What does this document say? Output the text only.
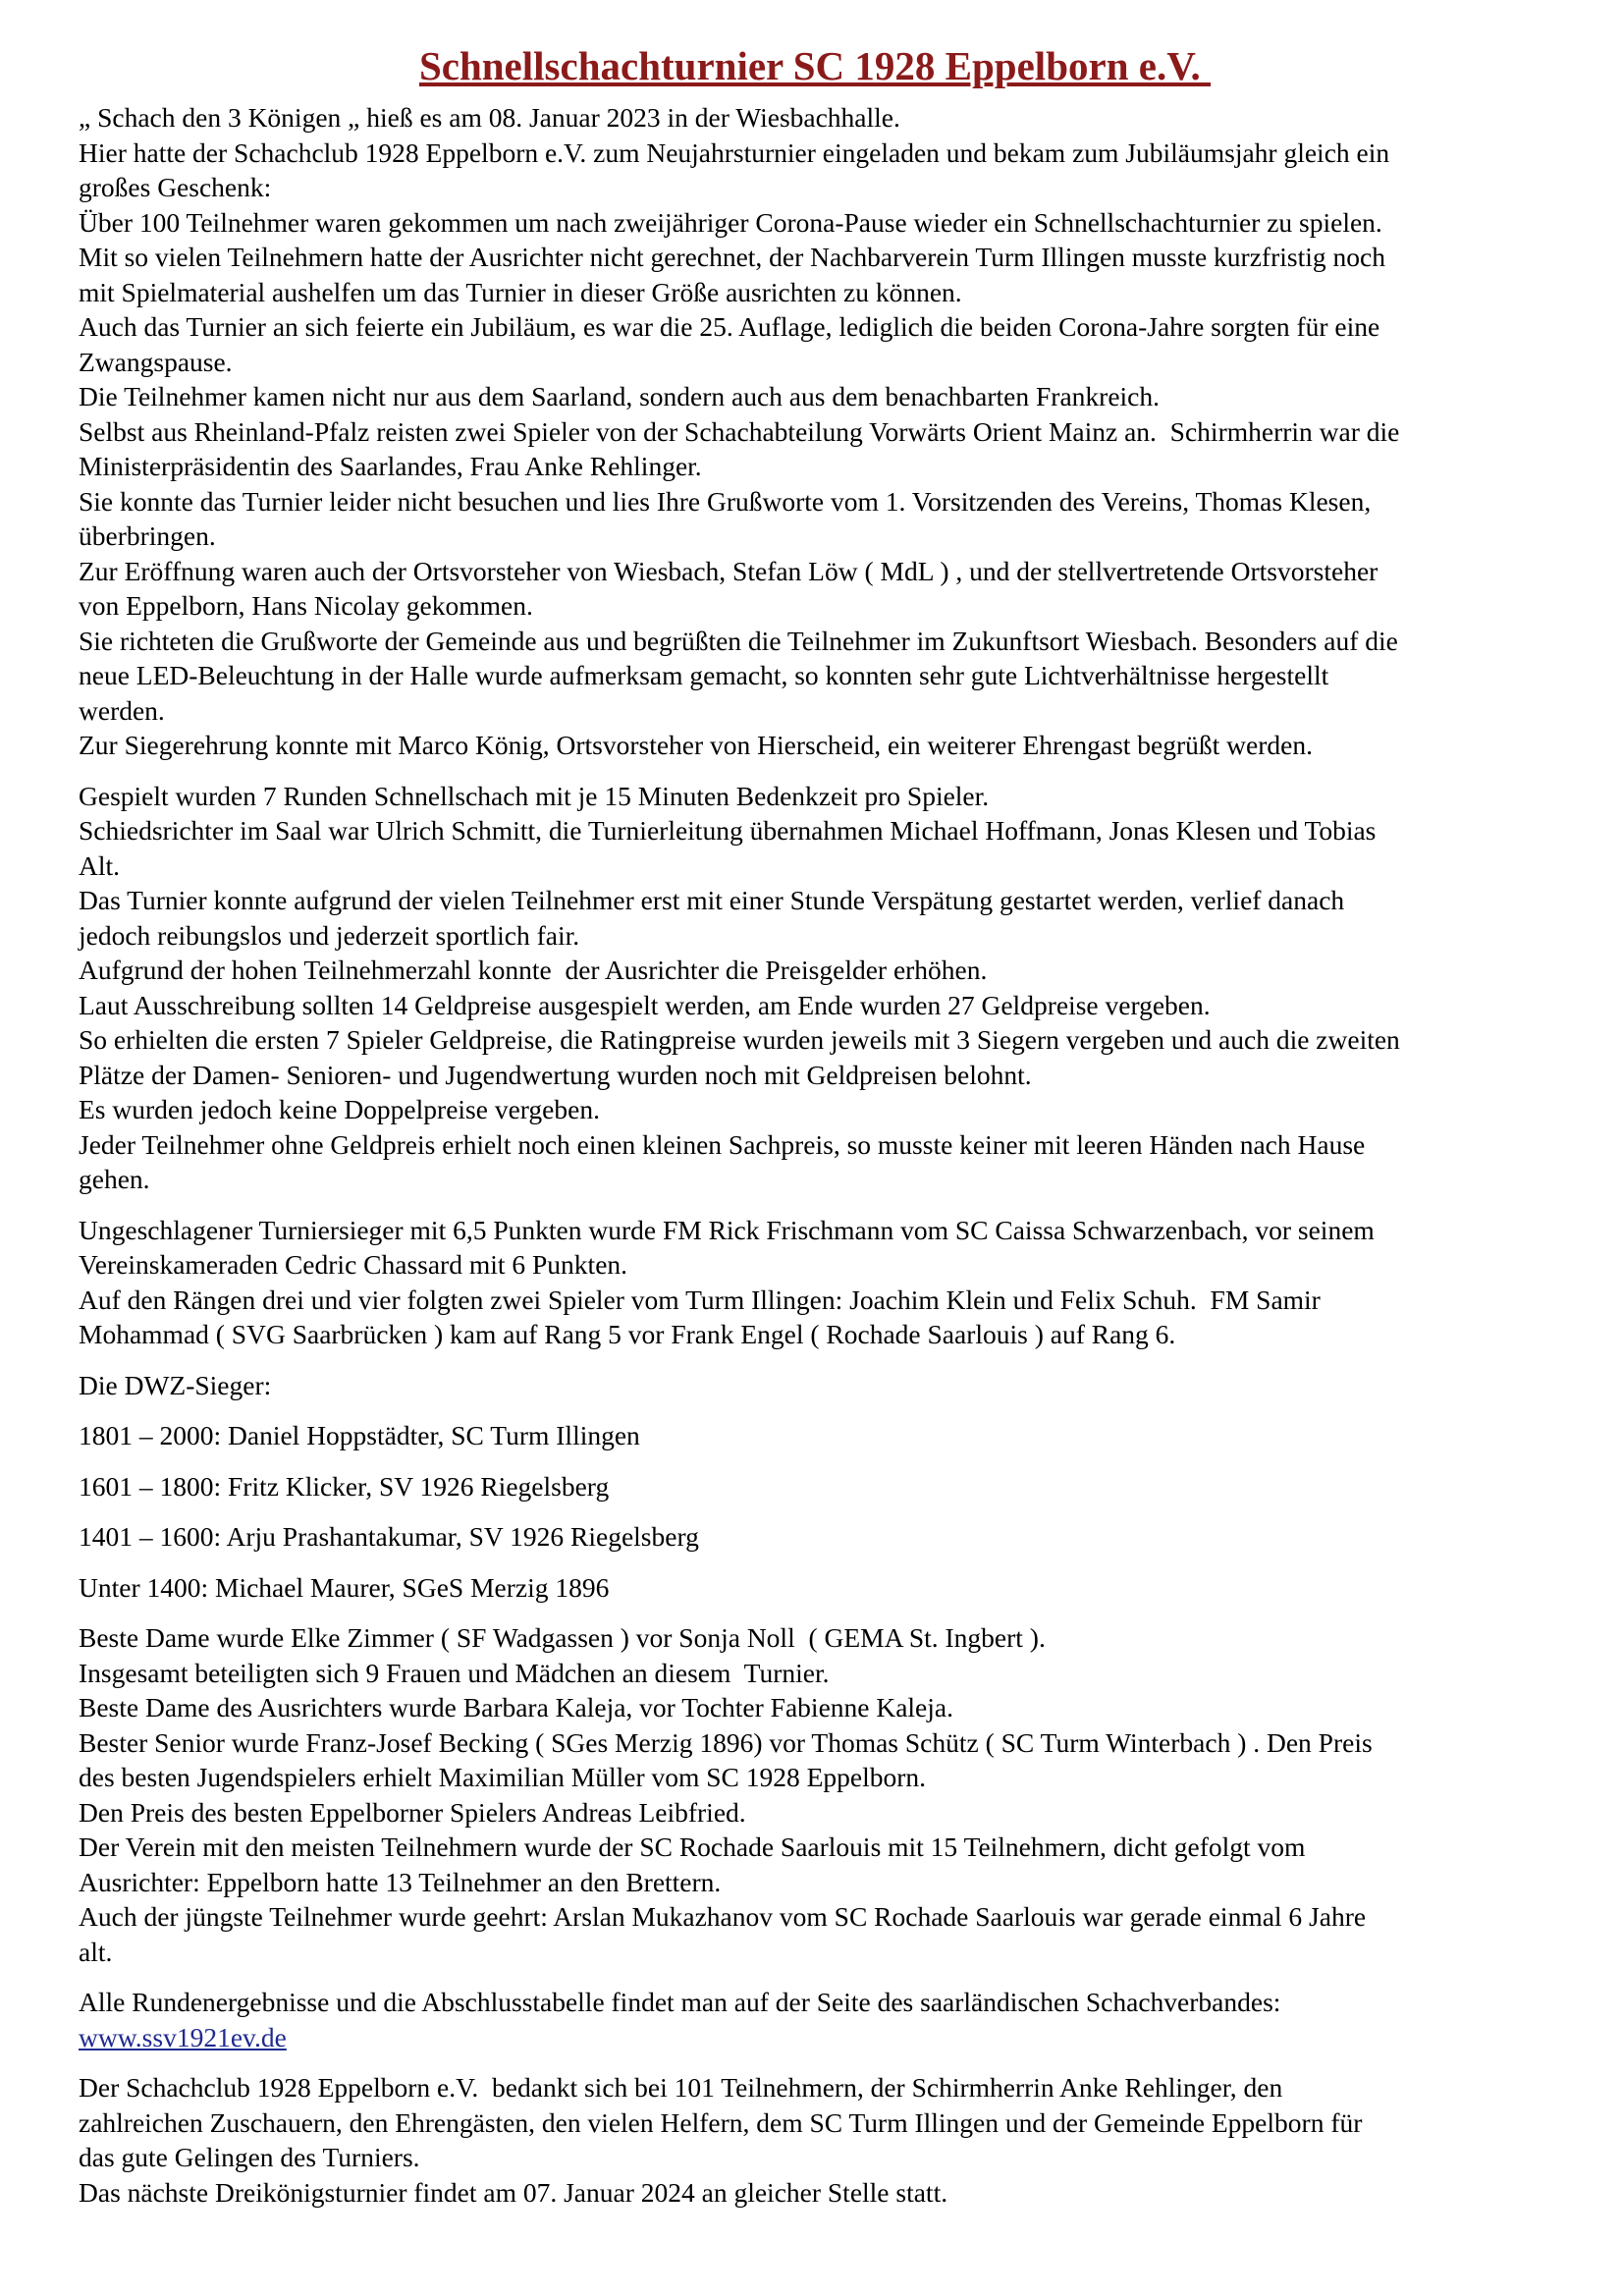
Schnellschachturnier SC 1928 Eppelborn e.V.
„ Schach den 3 Königen „ hieß es am 08. Januar 2023 in der Wiesbachhalle.
Hier hatte der Schachclub 1928 Eppelborn e.V. zum Neujahrsturnier eingeladen und bekam zum Jubiläumsjahr gleich ein
großes Geschenk:
Über 100 Teilnehmer waren gekommen um nach zweijähriger Corona-Pause wieder ein Schnellschachturnier zu spielen.
Mit so vielen Teilnehmern hatte der Ausrichter nicht gerechnet, der Nachbarverein Turm Illingen musste kurzfristig noch
mit Spielmaterial aushelfen um das Turnier in dieser Größe ausrichten zu können.
Auch das Turnier an sich feierte ein Jubiläum, es war die 25. Auflage, lediglich die beiden Corona-Jahre sorgten für eine
Zwangspause.
Die Teilnehmer kamen nicht nur aus dem Saarland, sondern auch aus dem benachbarten Frankreich.
Selbst aus Rheinland-Pfalz reisten zwei Spieler von der Schachabteilung Vorwärts Orient Mainz an.  Schirmherrin war die
Ministerpräsidentin des Saarlandes, Frau Anke Rehlinger.
Sie konnte das Turnier leider nicht besuchen und lies Ihre Grußworte vom 1. Vorsitzenden des Vereins, Thomas Klesen,
überbringen.
Zur Eröffnung waren auch der Ortsvorsteher von Wiesbach, Stefan Löw ( MdL ) , und der stellvertretende Ortsvorsteher
von Eppelborn, Hans Nicolay gekommen.
Sie richteten die Grußworte der Gemeinde aus und begrüßten die Teilnehmer im Zukunftsort Wiesbach. Besonders auf die
neue LED-Beleuchtung in der Halle wurde aufmerksam gemacht, so konnten sehr gute Lichtverhältnisse hergestellt
werden.
Zur Siegerehrung konnte mit Marco König, Ortsvorsteher von Hierscheid, ein weiterer Ehrengast begrüßt werden.
Gespielt wurden 7 Runden Schnellschach mit je 15 Minuten Bedenkzeit pro Spieler.
Schiedsrichter im Saal war Ulrich Schmitt, die Turnierleitung übernahmen Michael Hoffmann, Jonas Klesen und Tobias
Alt.
Das Turnier konnte aufgrund der vielen Teilnehmer erst mit einer Stunde Verspätung gestartet werden, verlief danach
jedoch reibungslos und jederzeit sportlich fair.
Aufgrund der hohen Teilnehmerzahl konnte  der Ausrichter die Preisgelder erhöhen.
Laut Ausschreibung sollten 14 Geldpreise ausgespielt werden, am Ende wurden 27 Geldpreise vergeben.
So erhielten die ersten 7 Spieler Geldpreise, die Ratingpreise wurden jeweils mit 3 Siegern vergeben und auch die zweiten
Plätze der Damen- Senioren- und Jugendwertung wurden noch mit Geldpreisen belohnt.
Es wurden jedoch keine Doppelpreise vergeben.
Jeder Teilnehmer ohne Geldpreis erhielt noch einen kleinen Sachpreis, so musste keiner mit leeren Händen nach Hause
gehen.
Ungeschlagener Turniersieger mit 6,5 Punkten wurde FM Rick Frischmann vom SC Caissa Schwarzenbach, vor seinem
Vereinskameraden Cedric Chassard mit 6 Punkten.
Auf den Rängen drei und vier folgten zwei Spieler vom Turm Illingen: Joachim Klein und Felix Schuh.  FM Samir
Mohammad ( SVG Saarbrücken ) kam auf Rang 5 vor Frank Engel ( Rochade Saarlouis ) auf Rang 6.
Die DWZ-Sieger:
1801 – 2000: Daniel Hoppstädter, SC Turm Illingen
1601 – 1800: Fritz Klicker, SV 1926 Riegelsberg
1401 – 1600: Arju Prashantakumar, SV 1926 Riegelsberg
Unter 1400: Michael Maurer, SGeS Merzig 1896
Beste Dame wurde Elke Zimmer ( SF Wadgassen ) vor Sonja Noll  ( GEMA St. Ingbert ).
Insgesamt beteiligten sich 9 Frauen und Mädchen an diesem  Turnier.
Beste Dame des Ausrichters wurde Barbara Kaleja, vor Tochter Fabienne Kaleja.
Bester Senior wurde Franz-Josef Becking ( SGes Merzig 1896) vor Thomas Schütz ( SC Turm Winterbach ) . Den Preis
des besten Jugendspielers erhielt Maximilian Müller vom SC 1928 Eppelborn.
Den Preis des besten Eppelborner Spielers Andreas Leibfried.
Der Verein mit den meisten Teilnehmern wurde der SC Rochade Saarlouis mit 15 Teilnehmern, dicht gefolgt vom
Ausrichter: Eppelborn hatte 13 Teilnehmer an den Brettern.
Auch der jüngste Teilnehmer wurde geehrt: Arslan Mukazhanov vom SC Rochade Saarlouis war gerade einmal 6 Jahre
alt.
Alle Rundenergebnisse und die Abschlusstabelle findet man auf der Seite des saarländischen Schachverbandes:
www.ssv1921ev.de
Der Schachclub 1928 Eppelborn e.V.  bedankt sich bei 101 Teilnehmern, der Schirmherrin Anke Rehlinger, den
zahlreichen Zuschauern, den Ehrengästen, den vielen Helfern, dem SC Turm Illingen und der Gemeinde Eppelborn für
das gute Gelingen des Turniers.
Das nächste Dreikönigsturnier findet am 07. Januar 2024 an gleicher Stelle statt.
